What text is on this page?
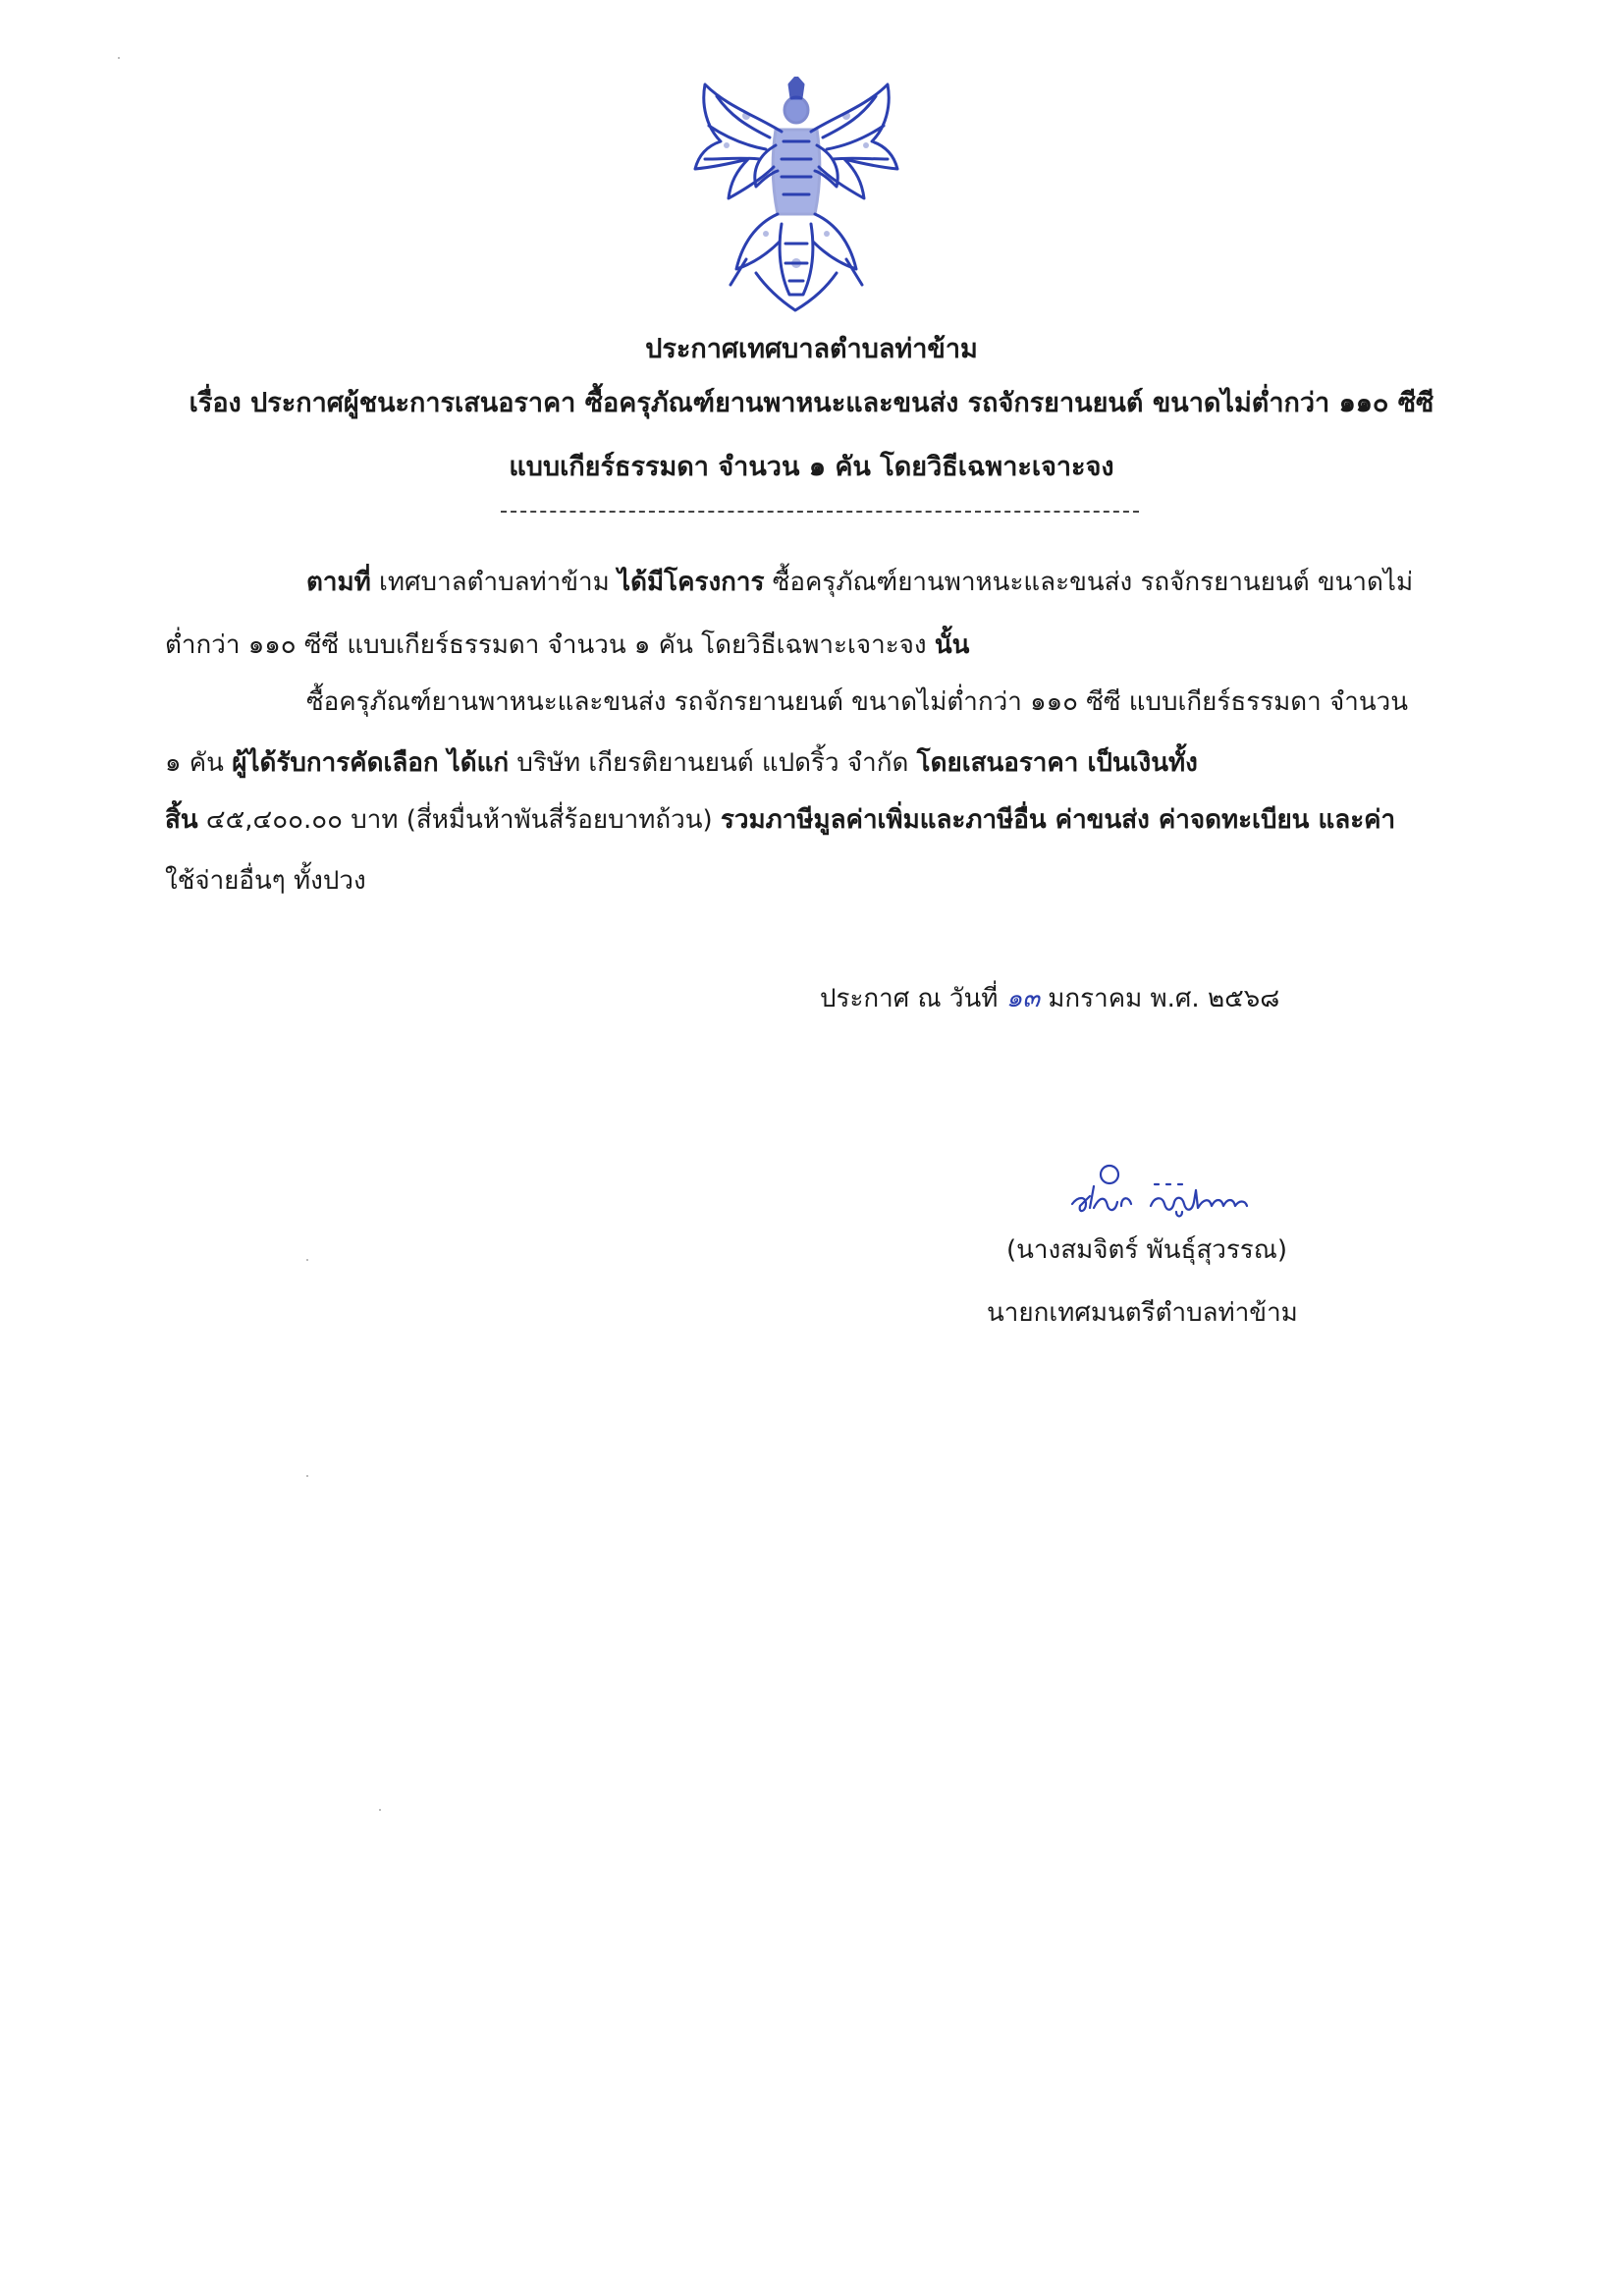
ประกาศเทศบาลตำบลท่าข้าม
เรื่อง ประกาศผู้ชนะการเสนอราคา ซื้อครุภัณฑ์ยานพาหนะและขนส่ง รถจักรยานยนต์ ขนาดไม่ต่ำกว่า ๑๑๐ ซีซี
แบบเกียร์ธรรมดา จำนวน ๑ คัน โดยวิธีเฉพาะเจาะจง
ตามที่ เทศบาลตำบลท่าข้าม ได้มีโครงการ ซื้อครุภัณฑ์ยานพาหนะและขนส่ง รถจักรยานยนต์ ขนาดไม่
ต่ำกว่า ๑๑๐ ซีซี แบบเกียร์ธรรมดา จำนวน ๑ คัน โดยวิธีเฉพาะเจาะจง นั้น
ซื้อครุภัณฑ์ยานพาหนะและขนส่ง รถจักรยานยนต์ ขนาดไม่ต่ำกว่า ๑๑๐ ซีซี แบบเกียร์ธรรมดา จำนวน
๑ คัน ผู้ได้รับการคัดเลือก ได้แก่ บริษัท เกียรติยานยนต์ แปดริ้ว จำกัด โดยเสนอราคา เป็นเงินทั้ง
สิ้น ๔๕,๔๐๐.๐๐ บาท (สี่หมื่นห้าพันสี่ร้อยบาทถ้วน) รวมภาษีมูลค่าเพิ่มและภาษีอื่น ค่าขนส่ง ค่าจดทะเบียน และค่า
ใช้จ่ายอื่นๆ ทั้งปวง
ประกาศ ณ วันที่ ๑๓ มกราคม พ.ศ. ๒๕๖๘
(นางสมจิตร์ พันธุ์สุวรรณ)
นายกเทศมนตรีตำบลท่าข้าม
